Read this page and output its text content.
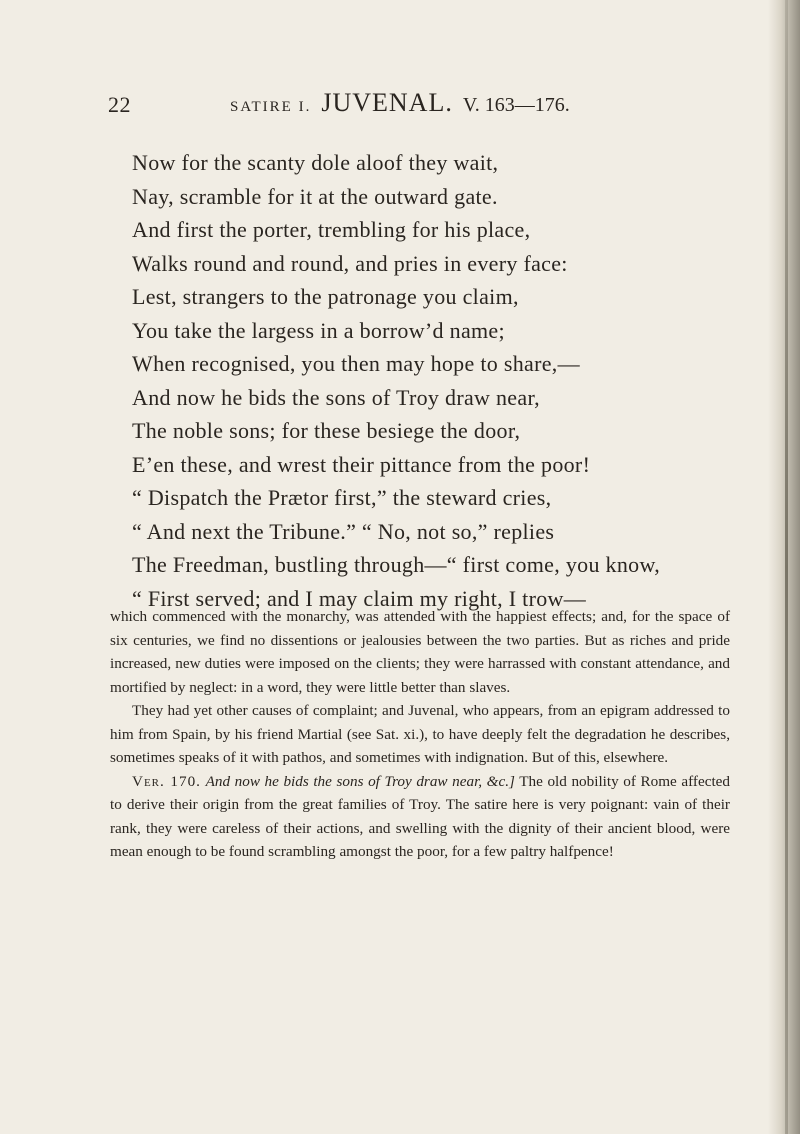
22	SATIRE I. JUVENAL. V. 163—176.
Now for the scanty dole aloof they wait,
Nay, scramble for it at the outward gate.
And first the porter, trembling for his place,
Walks round and round, and pries in every face:
Lest, strangers to the patronage you claim,
You take the largess in a borrow’d name;
When recognised, you then may hope to share,—
And now he bids the sons of Troy draw near,
The noble sons; for these besiege the door,
E’en these, and wrest their pittance from the poor!
“ Dispatch the Prætor first,” the steward cries,
“ And next the Tribune.” “ No, not so,” replies
The Freedman, bustling through—“ first come, you know,
“ First served; and I may claim my right, I trow—

which commenced with the monarchy, was attended with the happiest effects; and, for the space of six centuries, we find no dissentions or jealousies between the two parties. But as riches and pride increased, new duties were imposed on the clients; they were harrassed with constant attendance, and mortified by neglect: in a word, they were little better than slaves.

They had yet other causes of complaint; and Juvenal, who appears, from an epigram addressed to him from Spain, by his friend Martial (see Sat. xi.), to have deeply felt the degradation he describes, sometimes speaks of it with pathos, and sometimes with indignation. But of this, elsewhere.

Ver. 170. And now he bids the sons of Troy draw near, &c.] The old nobility of Rome affected to derive their origin from the great families of Troy. The satire here is very poignant: vain of their rank, they were careless of their actions, and swelling with the dignity of their ancient blood, were mean enough to be found scrambling amongst the poor, for a few paltry halfpence!
